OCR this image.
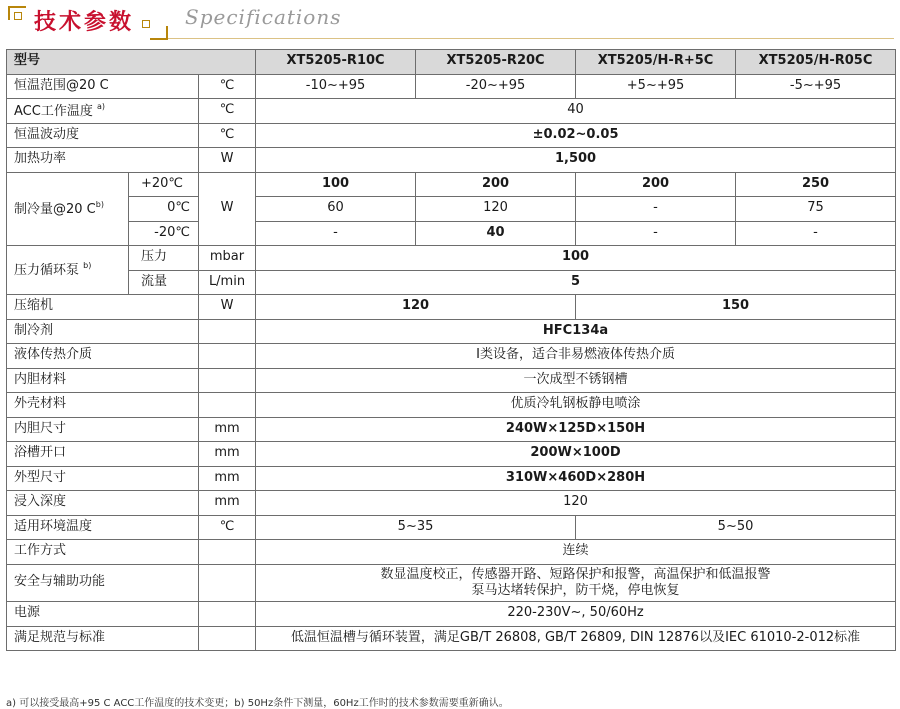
技术参数	Specifications
型号			XT5205-R10C	XT5205-R20C	XT5205/H-R+5C	XT5205/H-R05C
恒温范围@20 C		℃	-10~+95	-20~+95	+5~+95	-5~+95
ACC工作温度 $^{a)}$		℃	40			
恒温波动度		℃	±0.02~0.05			
加热功率		W	1,500			
制冷量@20 $C^{b)}$	+20℃	W	100	200	200	250
	0℃		60	120	-	75
	-20℃		-	40	-	-
压力循环泵 $^{b)}$	压力	mbar	100			
	流量	L/min	5			
压缩机		W	120		150	
制冷剂			HFC134a			
液体传热介质			I类设备，适合非易燃液体传热介质			
内胆材料			一次成型不锈钢槽			
外壳材料			优质冷轧钢板静电喷涂			
内胆尺寸		mm	240W×125D×150H			
浴槽开口		mm	200W×100D			
外型尺寸		mm	310W×460D×280H			
浸入深度		mm	120			
适用环境温度		℃	5~35		5~50	
工作方式			连续			
安全与辅助功能			数显温度校正，传感器开路、短路保护和报警，高温保护和低温报警
泵马达堵转保护，防干烧，停电恢复			

电源			220-230V~, 50/60Hz			
满足规范与标准			低温恒温槽与循环装置，满足GB/T 26808, GB/T 26809, DIN 12876以及IEC 61010-2-012标准			
a) 可以接受最高+95 C ACC工作温度的技术变更；b) 50Hz条件下测量，60Hz工作时的技术参数需要重新确认。
